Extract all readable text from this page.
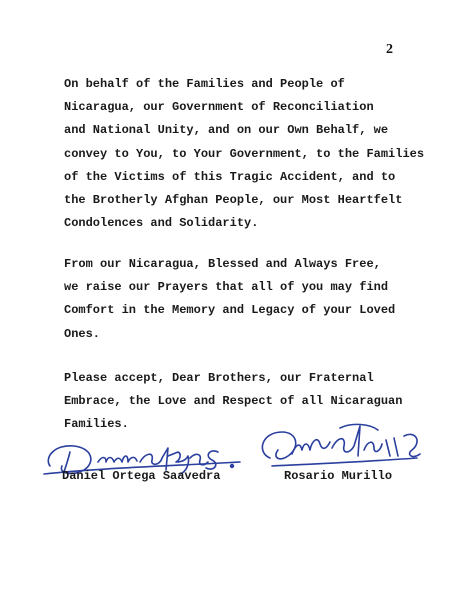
2

On behalf of the Families and People of
Nicaragua, our Government of Reconciliation
and National Unity, and on our Own Behalf, we
convey to You, to Your Government, to the Families
of the Victims of this Tragic Accident, and to
the Brotherly Afghan People, our Most Heartfelt
Condolences and Solidarity.

From our Nicaragua, Blessed and Always Free,
we raise our Prayers that all of you may find
Comfort in the Memory and Legacy of your Loved
Ones.

Please accept, Dear Brothers, our Fraternal
Embrace, the Love and Respect of all Nicaraguan
Families.

Daniel Ortega Saavedra	Rosario Murillo
